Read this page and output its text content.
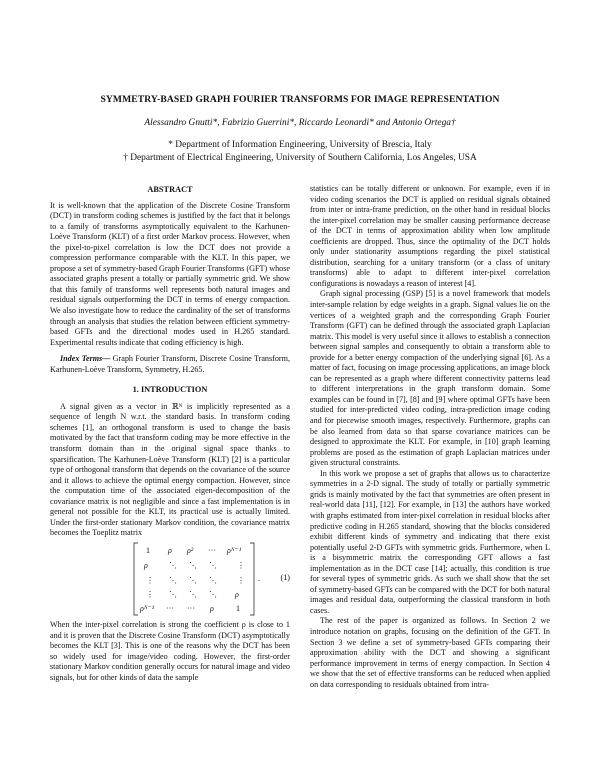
SYMMETRY-BASED GRAPH FOURIER TRANSFORMS FOR IMAGE REPRESENTATION
Alessandro Gnutti*, Fabrizio Guerrini*, Riccardo Leonardi* and Antonio Ortega†
* Department of Information Engineering, University of Brescia, Italy
† Department of Electrical Engineering, University of Southern California, Los Angeles, USA

ABSTRACT

It is well-known that the application of the Discrete Cosine Transform (DCT) in transform coding schemes is justified by the fact that it belongs to a family of transforms asymptotically equivalent to the Karhunen-Loève Transform (KLT) of a first order Markov process. However, when the pixel-to-pixel correlation is low the DCT does not provide a compression performance comparable with the KLT. In this paper, we propose a set of symmetry-based Graph Fourier Transforms (GFT) whose associated graphs present a totally or partially symmetric grid. We show that this family of transforms well represents both natural images and residual signals outperforming the DCT in terms of energy compaction. We also investigate how to reduce the cardinality of the set of transforms through an analysis that studies the relation between efficient symmetry-based GFTs and the directional modes used in H.265 standard. Experimental results indicate that coding efficiency is high.

Index Terms— Graph Fourier Transform, Discrete Cosine Transform, Karhunen-Loève Transform, Symmetry, H.265.

1. INTRODUCTION

A signal given as a vector in ℝᴺ is implicitly represented as a sequence of length N w.r.t. the standard basis. In transform coding schemes [1], an orthogonal transform is used to change the basis motivated by the fact that transform coding may be more effective in the transform domain than in the original signal space thanks to sparsification. The Karhunen-Loève Transform (KLT) [2] is a particular type of orthogonal transform that depends on the covariance of the source and it allows to achieve the optimal energy compaction. However, since the computation time of the associated eigen-decomposition of the covariance matrix is not negligible and since a fast implementation is in general not possible for the KLT, its practical use is actually limited. Under the first-order stationary Markov condition, the covariance matrix becomes the Toeplitz matrix

1 ρ ρ² ··· ρᴺ⁻¹
ρ	⋱ ⋱ ⋱	⋮
⋮ ⋱ ⋱ ⋱	⋮
⋮ ⋱ ⋱ ⋱ ρ
ρᴺ⁻¹ ··· ··· ρ	1
.	(1)

When the inter-pixel correlation is strong the coefficient ρ is close to 1 and it is proven that the Discrete Cosine Transform (DCT) asymptotically becomes the KLT [3]. This is one of the reasons why the DCT has been so widely used for image/video coding. However, the first-order stationary Markov condition generally occurs for natural image and video signals, but for other kinds of data the sample

statistics can be totally different or unknown. For example, even if in video coding scenarios the DCT is applied on residual signals obtained from inter or intra-frame prediction, on the other hand in residual blocks the inter-pixel correlation may be smaller causing performance decrease of the DCT in terms of approximation ability when low amplitude coefficients are dropped. Thus, since the optimality of the DCT holds only under stationarity assumptions regarding the pixel statistical distribution, searching for a unitary transform (or a class of unitary transforms) able to adapt to different inter-pixel correlation configurations is nowadays a reason of interest [4].

Graph signal processing (GSP) [5] is a novel framework that models inter-sample relation by edge weights in a graph. Signal values lie on the vertices of a weighted graph and the corresponding Graph Fourier Transform (GFT) can be defined through the associated graph Laplacian matrix. This model is very useful since it allows to establish a connection between signal samples and consequently to obtain a transform able to provide for a better energy compaction of the underlying signal [6]. As a matter of fact, focusing on image processing applications, an image block can be represented as a graph where different connectivity patterns lead to different interpretations in the graph transform domain. Some examples can be found in [7], [8] and [9] where optimal GFTs have been studied for inter-predicted video coding, intra-prediction image coding and for piecewise smooth images, respectively. Furthermore, graphs can be also learned from data so that sparse covariance matrices can be designed to approximate the KLT. For example, in [10] graph learning problems are posed as the estimation of graph Laplacian matrices under given structural constraints.

In this work we propose a set of graphs that allows us to characterize symmetries in a 2-D signal. The study of totally or partially symmetric grids is mainly motivated by the fact that symmetries are often present in real-world data [11], [12]. For example, in [13] the authors have worked with graphs estimated from inter-pixel correlation in residual blocks after predictive coding in H.265 standard, showing that the blocks considered exhibit different kinds of symmetry and indicating that there exist potentially useful 2-D GFTs with symmetric grids. Furthermore, when L is a bisymmetric matrix the corresponding GFT allows a fast implementation as in the DCT case [14]; actually, this condition is true for several types of symmetric grids. As such we shall show that the set of symmetry-based GFTs can be compared with the DCT for both natural images and residual data, outperforming the classical transform in both cases.

The rest of the paper is organized as follows. In Section 2 we introduce notation on graphs, focusing on the definition of the GFT. In Section 3 we define a set of symmetry-based GFTs comparing their approximation ability with the DCT and showing a significant performance improvement in terms of energy compaction. In Section 4 we show that the set of effective transforms can be reduced when applied on data corresponding to residuals obtained from intra-
